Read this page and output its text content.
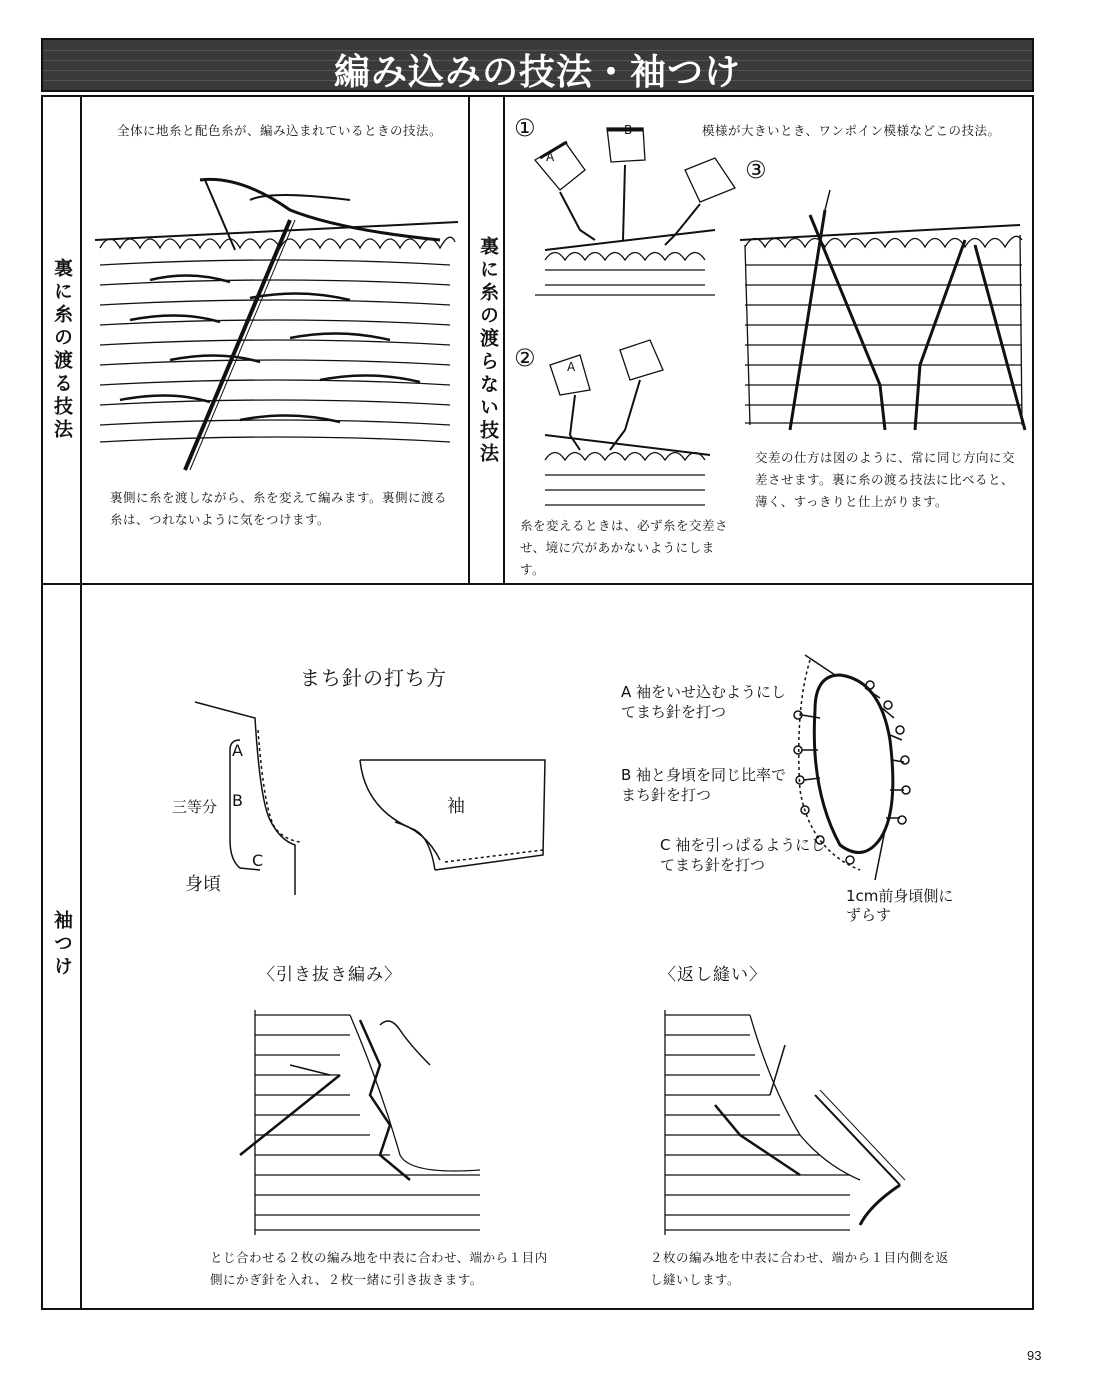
編み込みの技法・袖つけ
裏に糸の渡る技法	裏に糸の渡らない技法
袖つけ
全体に地糸と配色糸が、編み込まれているときの技法。
裏側に糸を渡しながら、糸を変えて編みます。裏側に渡る糸は、つれないように気をつけます。
①
②
③
模様が大きいとき、ワンポイン模様などこの技法。
A
B
A
交差の仕方は図のように、常に同じ方向に交差させます。裏に糸の渡る技法に比べると、薄く、すっきりと仕上がります。
糸を変えるときは、必ず糸を交差させ、境に穴があかないようにします。
まち針の打ち方
A
B
C
三等分
身頃
袖
A 袖をいせ込むようにしてまち針を打つ
B 袖と身頃を同じ比率でまち針を打つ
C 袖を引っぱるようにしてまち針を打つ
1cm前身頃側にずらす
〈引き抜き編み〉
とじ合わせる２枚の編み地を中表に合わせ、端から１目内側にかぎ針を入れ、２枚一緒に引き抜きます。
〈返し縫い〉
２枚の編み地を中表に合わせ、端から１目内側を返し縫いします。
93
